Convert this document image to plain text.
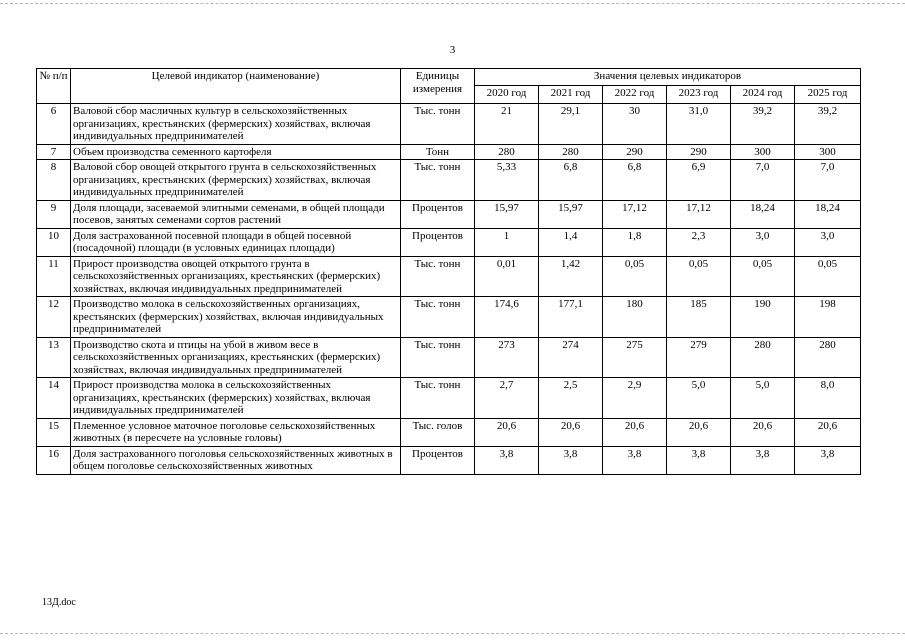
3
№ п/п	Целевой индикатор (наименование)	Единицы измерения	Значения целевых индикаторов					
			2020 год	2021 год	2022 год	2023 год	2024 год	2025 год
6	Валовой сбор масличных культур в сельскохозяйственных организациях, крестьянских (фермерских) хозяйствах, включая индивидуальных предпринимателей	Тыс. тонн	21	29,1	30	31,0	39,2	39,2
7	Объем производства семенного картофеля	Тонн	280	280	290	290	300	300
8	Валовой сбор овощей открытого грунта в сельскохозяйственных организациях, крестьянских (фермерских) хозяйствах, включая индивидуальных предпринимателей	Тыс. тонн	5,33	6,8	6,8	6,9	7,0	7,0
9	Доля площади, засеваемой элитными семенами, в общей площади посевов, занятых семенами сортов растений	Процентов	15,97	15,97	17,12	17,12	18,24	18,24
10	Доля застрахованной посевной площади в общей посевной (посадочной) площади (в условных единицах площади)	Процентов	1	1,4	1,8	2,3	3,0	3,0
11	Прирост производства овощей открытого грунта в сельскохозяйственных организациях, крестьянских (фермерских) хозяйствах, включая индивидуальных предпринимателей	Тыс. тонн	0,01	1,42	0,05	0,05	0,05	0,05
12	Производство молока в сельскохозяйственных организациях, крестьянских (фермерских) хозяйствах, включая индивидуальных предпринимателей	Тыс. тонн	174,6	177,1	180	185	190	198
13	Производство скота и птицы на убой в живом весе в сельскохозяйственных организациях, крестьянских (фермерских) хозяйствах, включая индивидуальных предпринимателей	Тыс. тонн	273	274	275	279	280	280
14	Прирост производства молока в сельскохозяйственных организациях, крестьянских (фермерских) хозяйствах, включая индивидуальных предпринимателей	Тыс. тонн	2,7	2,5	2,9	5,0	5,0	8,0
15	Племенное условное маточное поголовье сельскохозяйственных животных (в пересчете на условные головы)	Тыс. голов	20,6	20,6	20,6	20,6	20,6	20,6
16	Доля застрахованного поголовья сельскохозяйственных животных в общем поголовье сельскохозяйственных животных	Процентов	3,8	3,8	3,8	3,8	3,8	3,8
13Д.doc
